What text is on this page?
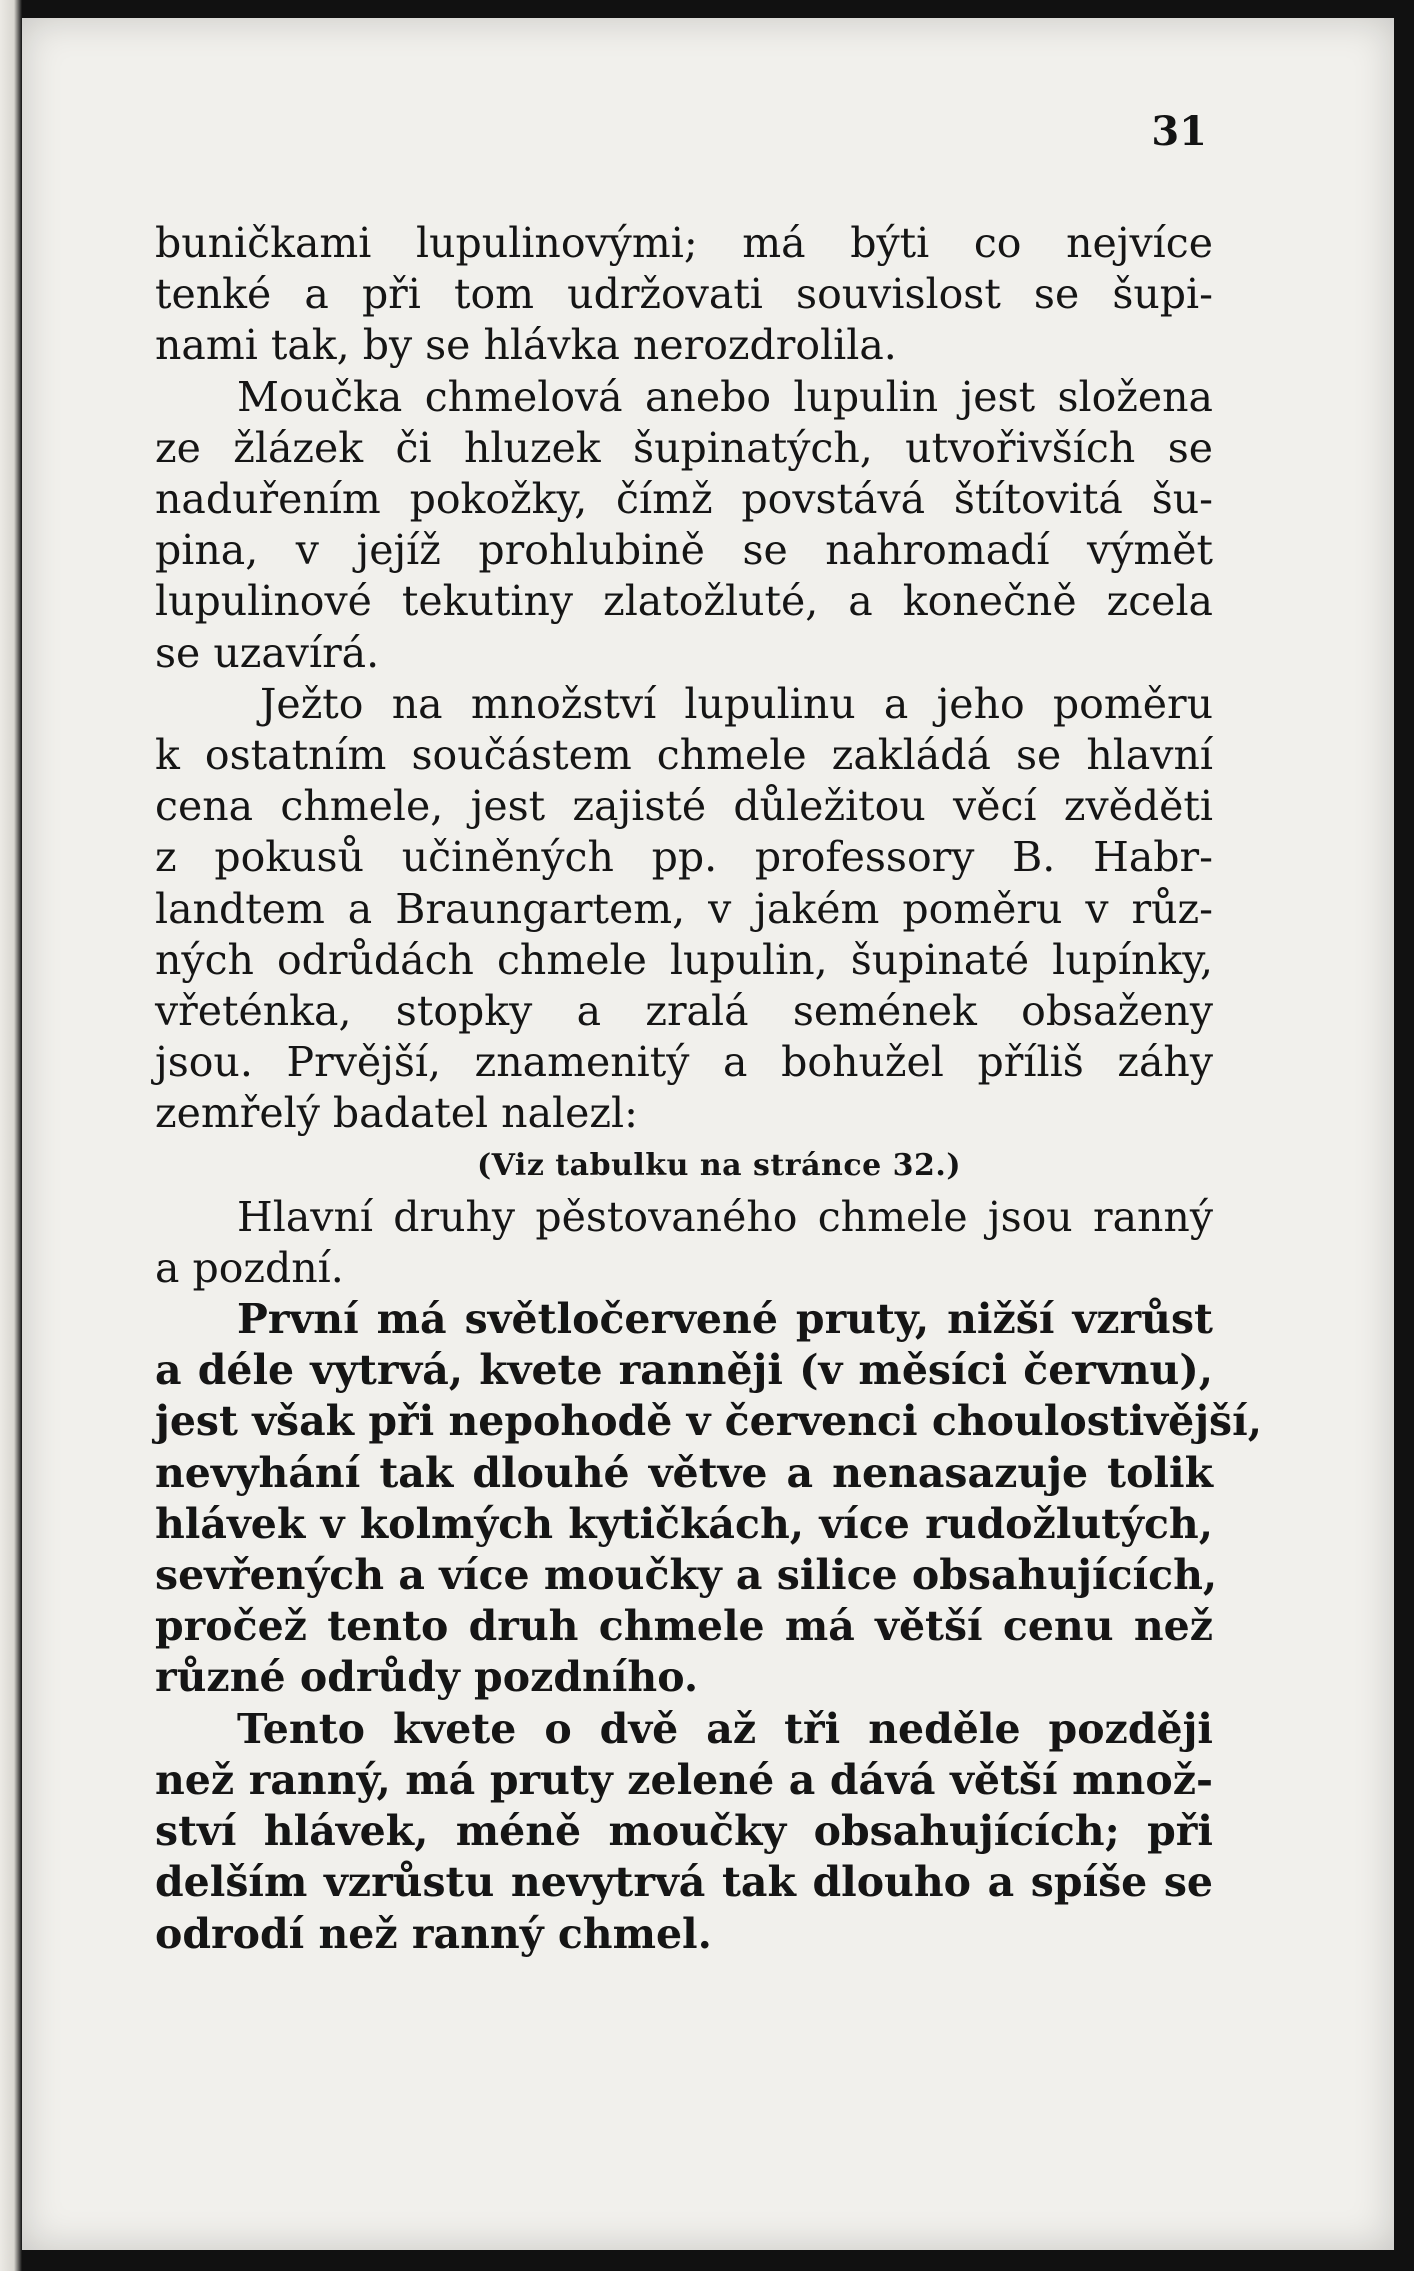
31
buničkami lupulinovými; má býti co nejvíce
tenké a při tom udržovati souvislost se šupi-
nami tak, by se hlávka nerozdrolila.
Moučka chmelová anebo lupulin jest složena
ze žlázek či hluzek šupinatých, utvořivších se
naduřením pokožky, čímž povstává štítovitá šu-
pina, v jejíž prohlubině se nahromadí výmět
lupulinové tekutiny zlatožluté, a konečně zcela
se uzavírá.
Ježto na množství lupulinu a jeho poměru
k ostatním součástem chmele zakládá se hlavní
cena chmele, jest zajisté důležitou věcí zvěděti
z pokusů učiněných pp. professory B. Habr-
landtem a Braungartem, v jakém poměru v růz-
ných odrůdách chmele lupulin, šupinaté lupínky,
vřeténka, stopky a zralá semének obsaženy
jsou. Prvější, znamenitý a bohužel příliš záhy
zemřelý badatel nalezl:
(Viz tabulku na stránce 32.)
Hlavní druhy pěstovaného chmele jsou ranný
a pozdní.
První má světločervené pruty, nižší vzrůst
a déle vytrvá, kvete ranněji (v měsíci červnu),
jest však při nepohodě v červenci choulostivější,
nevyhání tak dlouhé větve a nenasazuje tolik
hlávek v kolmých kytičkách, více rudožlutých,
sevřených a více moučky a silice obsahujících,
pročež tento druh chmele má větší cenu než
různé odrůdy pozdního.
Tento kvete o dvě až tři neděle později
než ranný, má pruty zelené a dává větší množ-
ství hlávek, méně moučky obsahujících; při
delším vzrůstu nevytrvá tak dlouho a spíše se
odrodí než ranný chmel.
